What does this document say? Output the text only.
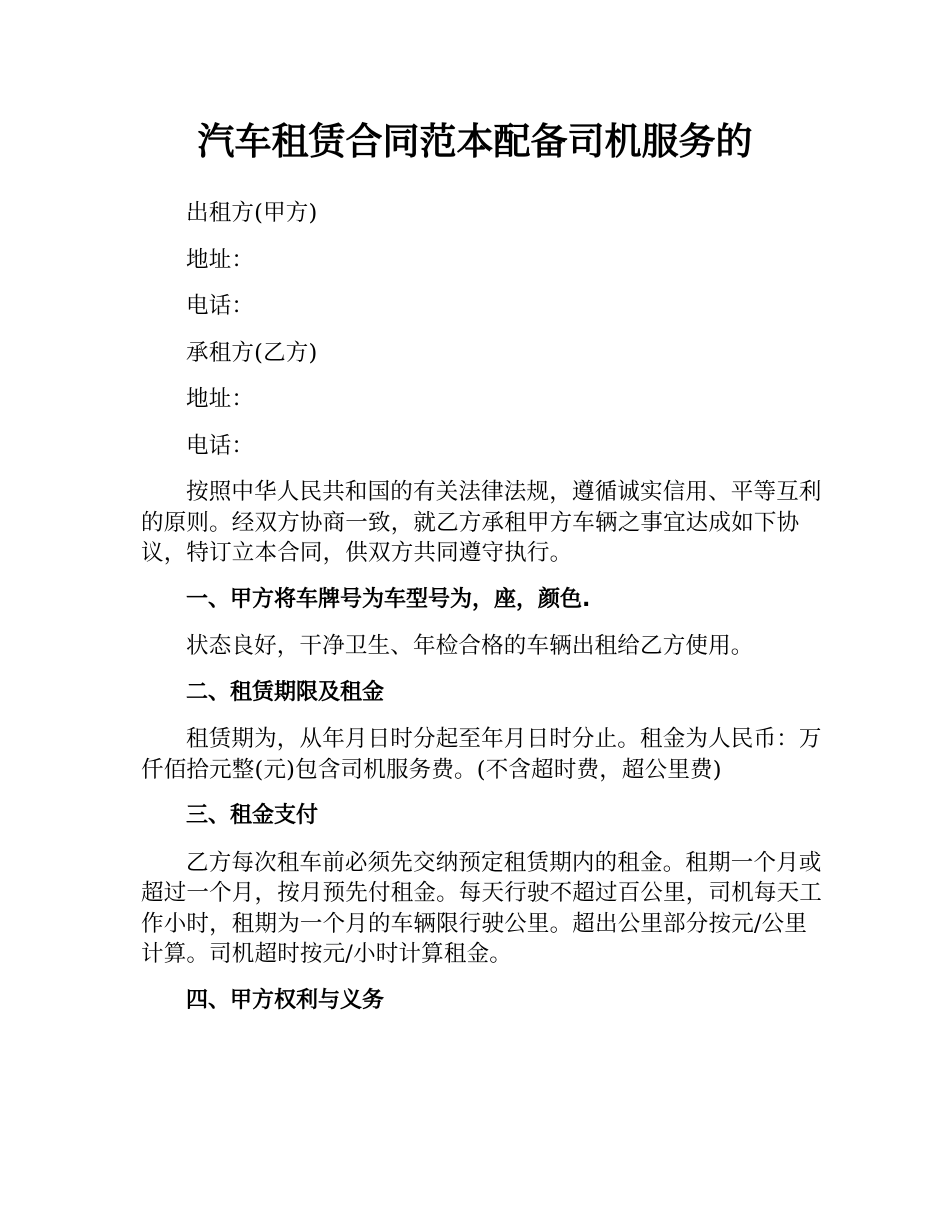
汽车租赁合同范本配备司机服务的

出租方(甲方)

地址：

电话：

承租方(乙方)

地址：

电话：

按照中华人民共和国的有关法律法规，遵循诚实信用、平等互利的原则。经双方协商一致，就乙方承租甲方车辆之事宜达成如下协议，特订立本合同，供双方共同遵守执行。

一、甲方将车牌号为车型号为，座，颜色.

状态良好，干净卫生、年检合格的车辆出租给乙方使用。

二、租赁期限及租金

租赁期为，从年月日时分起至年月日时分止。租金为人民币：万仟佰拾元整(元)包含司机服务费。(不含超时费，超公里费)

三、租金支付

乙方每次租车前必须先交纳预定租赁期内的租金。租期一个月或超过一个月，按月预先付租金。每天行驶不超过百公里，司机每天工作小时，租期为一个月的车辆限行驶公里。超出公里部分按元/公里计算。司机超时按元/小时计算租金。

四、甲方权利与义务
